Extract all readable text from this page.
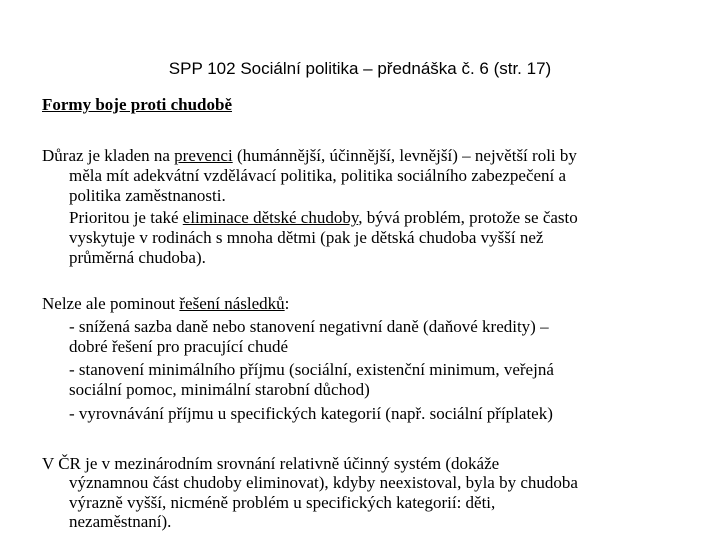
SPP 102 Sociální politika – přednáška č. 6 (str. 17)
Formy boje proti chudobě
Důraz je kladen na prevenci (humánnější, účinnější, levnější) – největší roli by
měla mít adekvátní vzdělávací politika, politika sociálního zabezpečení a
politika zaměstnanosti.
Prioritou je také eliminace dětské chudoby, bývá problém, protože se často
vyskytuje v rodinách s mnoha dětmi (pak je dětská chudoba vyšší než
průměrná chudoba).
Nelze ale pominout řešení následků:
- snížená sazba daně nebo stanovení negativní daně (daňové kredity) –
dobré řešení pro pracující chudé
- stanovení minimálního příjmu (sociální, existenční minimum, veřejná
sociální pomoc, minimální starobní důchod)
- vyrovnávání příjmu u specifických kategorií (např. sociální příplatek)
V ČR je v mezinárodním srovnání relativně účinný systém (dokáže
významnou část chudoby eliminovat), kdyby neexistoval, byla by chudoba
výrazně vyšší, nicméně problém u specifických kategorií: děti,
nezaměstnaní).
